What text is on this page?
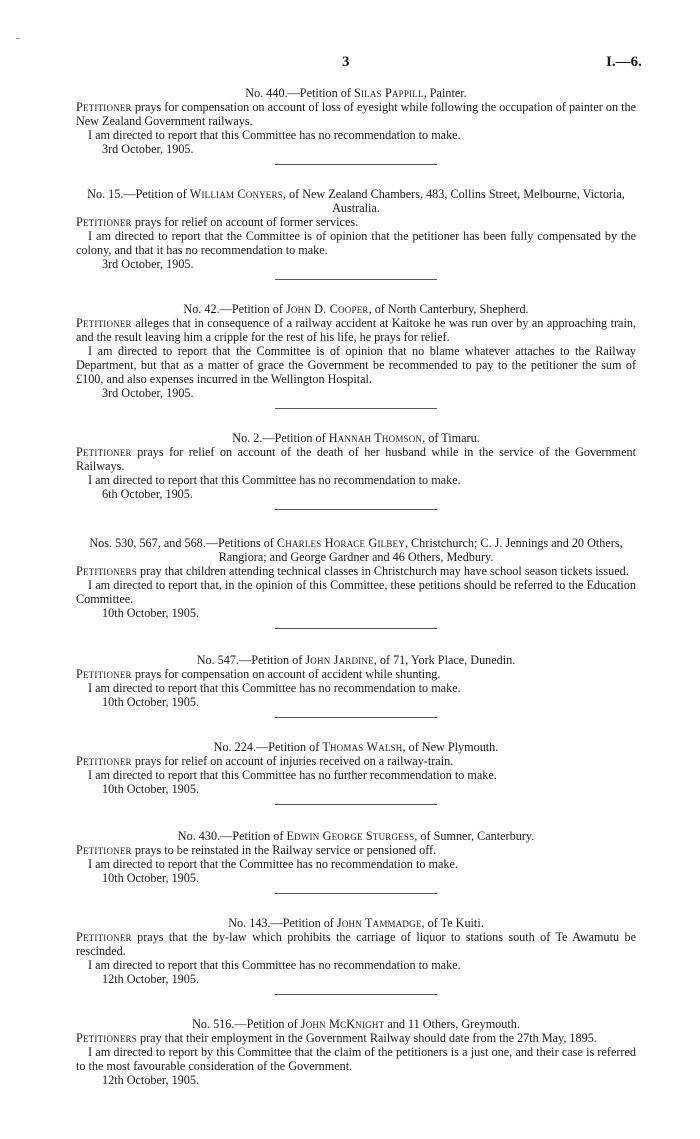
3	I.—6.

No. 440.—Petition of Silas Pappill, Painter.

Petitioner prays for compensation on account of loss of eyesight while following the occupation of painter on the New Zealand Government railways.

I am directed to report that this Committee has no recommendation to make.

3rd October, 1905.

No. 15.—Petition of William Conyers, of New Zealand Chambers, 483, Collins Street, Melbourne, Victoria, Australia.

Petitioner prays for relief on account of former services.

I am directed to report that the Committee is of opinion that the petitioner has been fully compensated by the colony, and that it has no recommendation to make.

3rd October, 1905.

No. 42.—Petition of John D. Cooper, of North Canterbury, Shepherd.

Petitioner alleges that in consequence of a railway accident at Kaitoke he was run over by an approaching train, and the result leaving him a cripple for the rest of his life, he prays for relief.

I am directed to report that the Committee is of opinion that no blame whatever attaches to the Railway Department, but that as a matter of grace the Government be recommended to pay to the petitioner the sum of £100, and also expenses incurred in the Wellington Hospital.

3rd October, 1905.

No. 2.—Petition of Hannah Thomson, of Timaru.

Petitioner prays for relief on account of the death of her husband while in the service of the Government Railways.

I am directed to report that this Committee has no recommendation to make.

6th October, 1905.

Nos. 530, 567, and 568.—Petitions of Charles Horace Gilbey, Christchurch; C. J. Jennings and 20 Others, Rangiora; and George Gardner and 46 Others, Medbury.

Petitioners pray that children attending technical classes in Christchurch may have school season tickets issued.

I am directed to report that, in the opinion of this Committee, these petitions should be referred to the Education Committee.

10th October, 1905.

No. 547.—Petition of John Jardine, of 71, York Place, Dunedin.

Petitioner prays for compensation on account of accident while shunting.

I am directed to report that this Committee has no recommendation to make.

10th October, 1905.

No. 224.—Petition of Thomas Walsh, of New Plymouth.

Petitioner prays for relief on account of injuries received on a railway-train.

I am directed to report that this Committee has no further recommendation to make.

10th October, 1905.

No. 430.—Petition of Edwin George Sturgess, of Sumner, Canterbury.

Petitioner prays to be reinstated in the Railway service or pensioned off.

I am directed to report that the Committee has no recommendation to make.

10th October, 1905.

No. 143.—Petition of John Tammadge, of Te Kuiti.

Petitioner prays that the by-law which prohibits the carriage of liquor to stations south of Te Awamutu be rescinded.

I am directed to report that this Committee has no recommendation to make.

12th October, 1905.

No. 516.—Petition of John McKnight and 11 Others, Greymouth.

Petitioners pray that their employment in the Government Railway should date from the 27th May, 1895.

I am directed to report by this Committee that the claim of the petitioners is a just one, and their case is referred to the most favourable consideration of the Government.

12th October, 1905.
